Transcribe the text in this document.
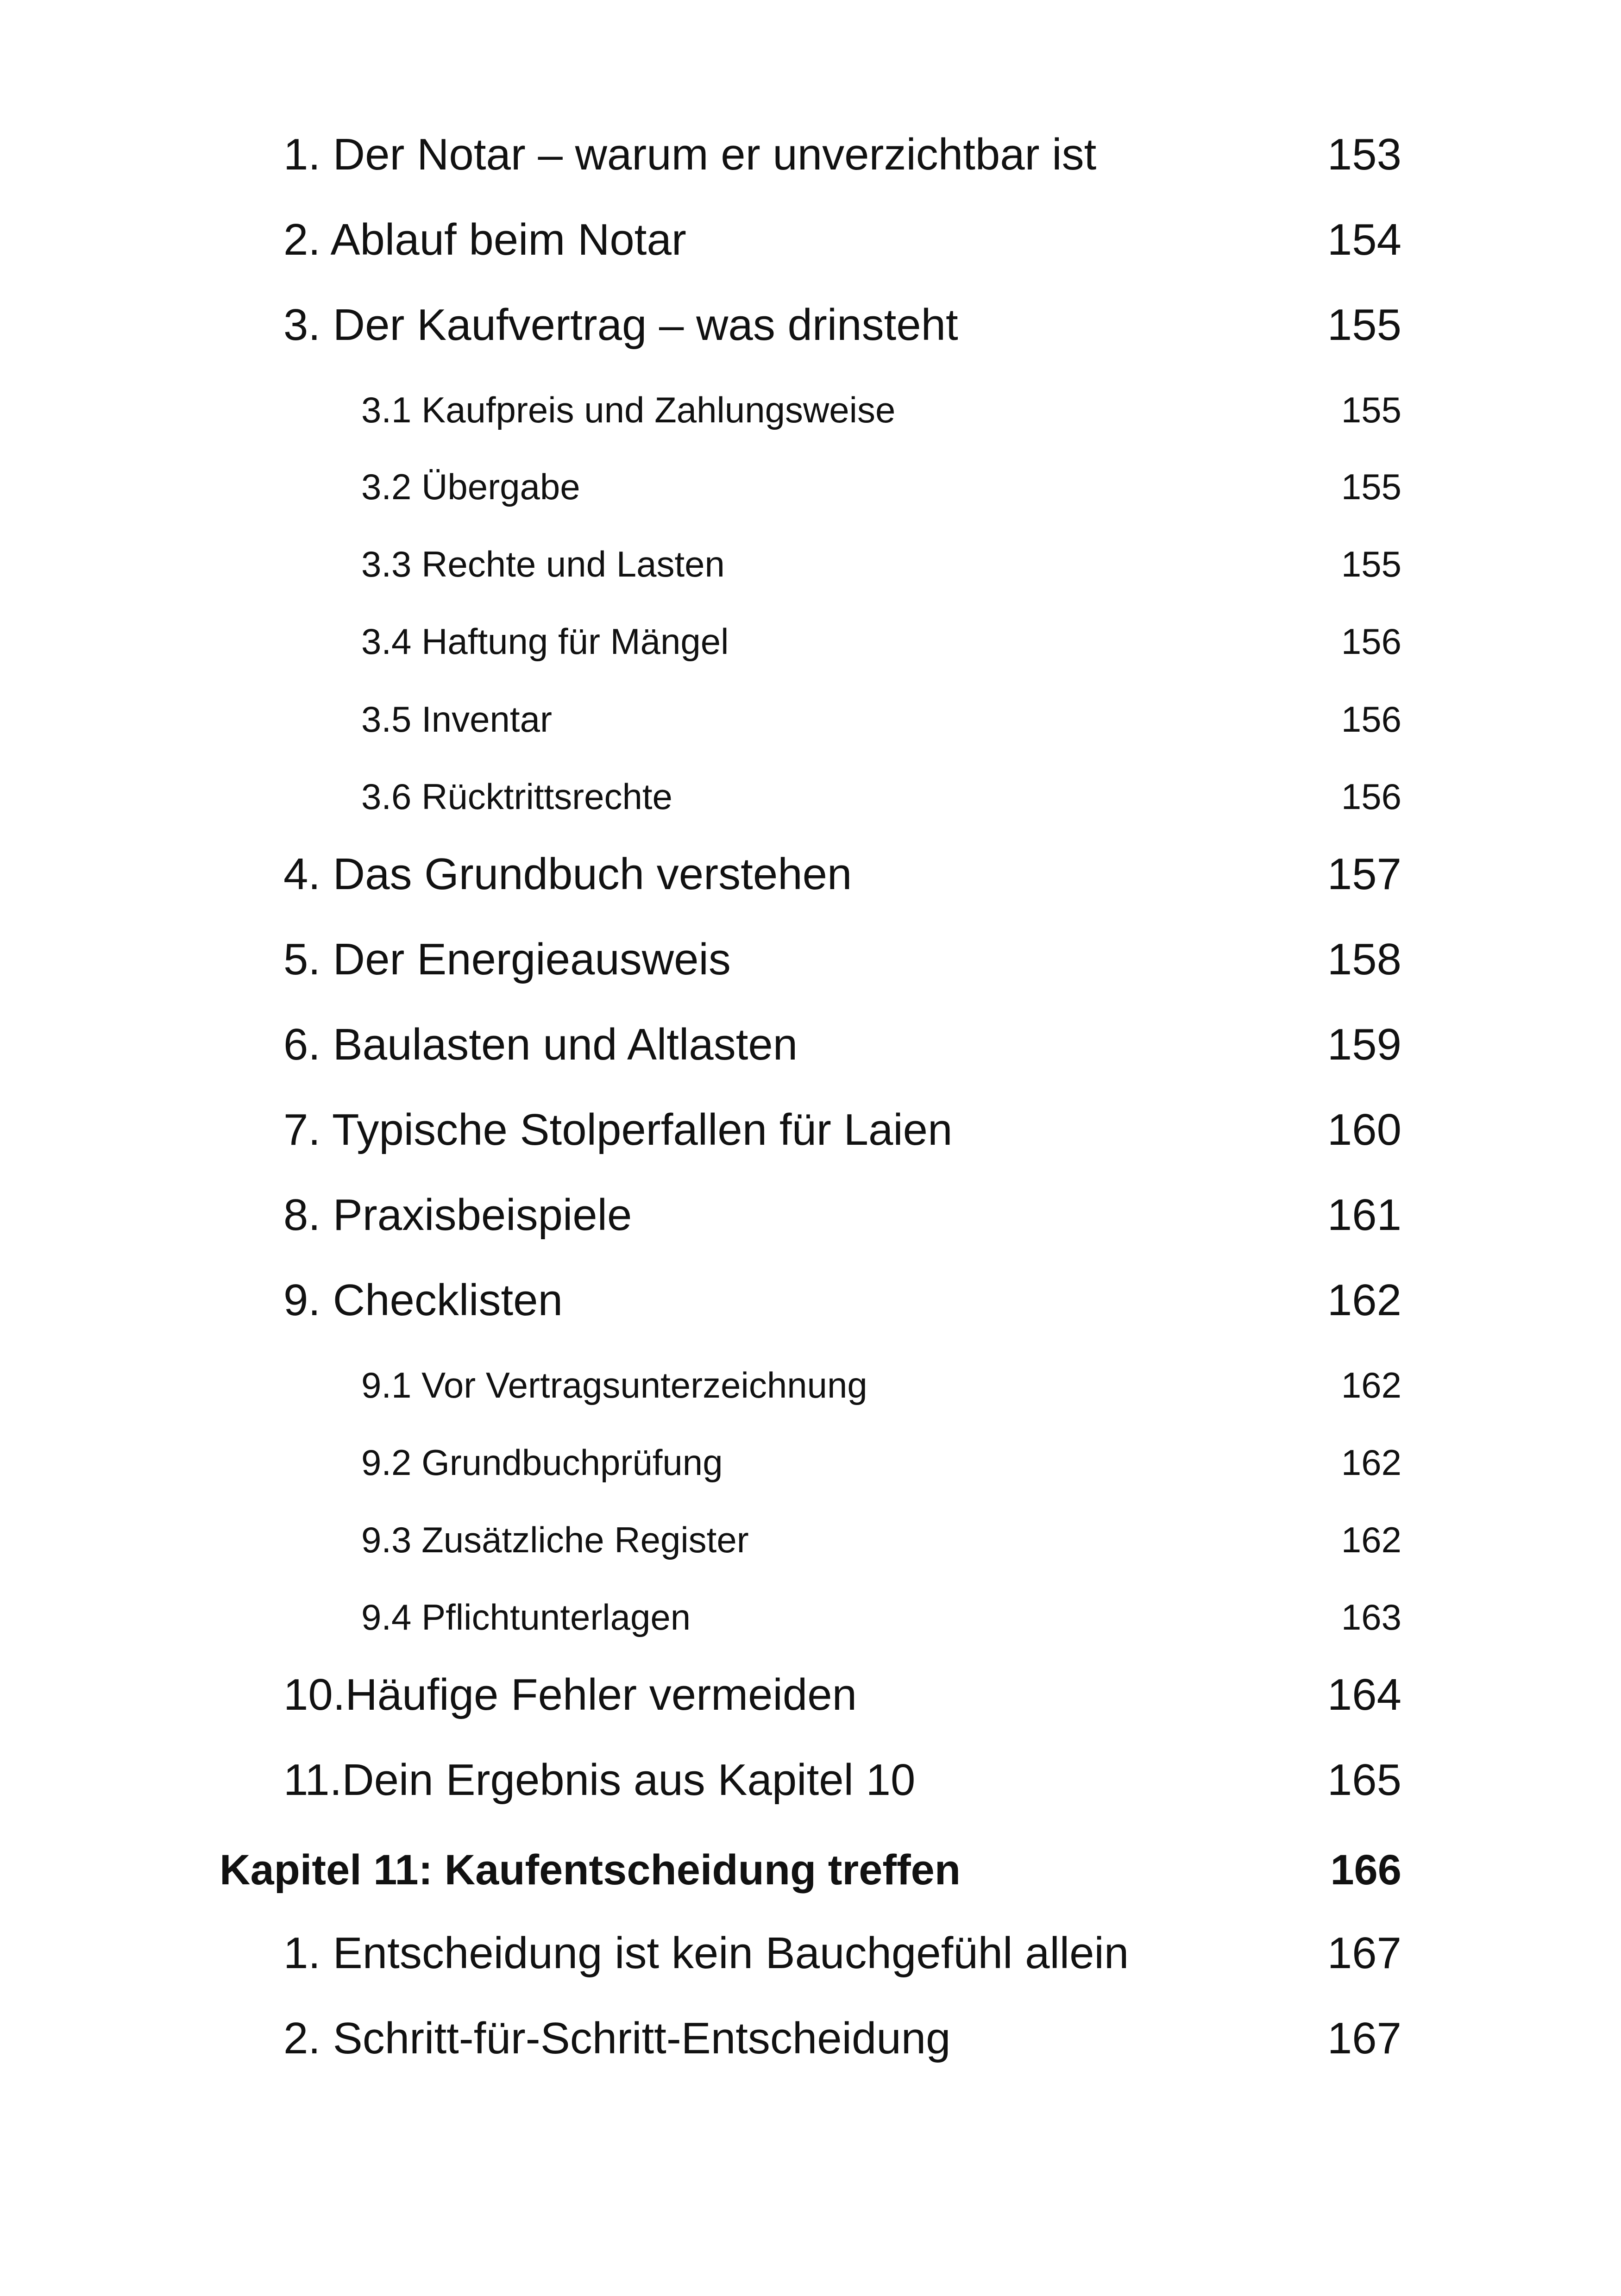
1. Der Notar – warum er unverzichtbar ist	153
2. Ablauf beim Notar	154
3. Der Kaufvertrag – was drinsteht	155
3.1 Kaufpreis und Zahlungsweise	155
3.2 Übergabe	155
3.3 Rechte und Lasten	155
3.4 Haftung für Mängel	156
3.5 Inventar	156
3.6 Rücktrittsrechte	156
4. Das Grundbuch verstehen	157
5. Der Energieausweis	158
6. Baulasten und Altlasten	159
7. Typische Stolperfallen für Laien	160
8. Praxisbeispiele	161
9. Checklisten	162
9.1 Vor Vertragsunterzeichnung	162
9.2 Grundbuchprüfung	162
9.3 Zusätzliche Register	162
9.4 Pflichtunterlagen	163
10.Häufige Fehler vermeiden	164
11.Dein Ergebnis aus Kapitel 10	165
Kapitel 11: Kaufentscheidung treffen	166
1. Entscheidung ist kein Bauchgefühl allein	167
2. Schritt-für-Schritt-Entscheidung	167
